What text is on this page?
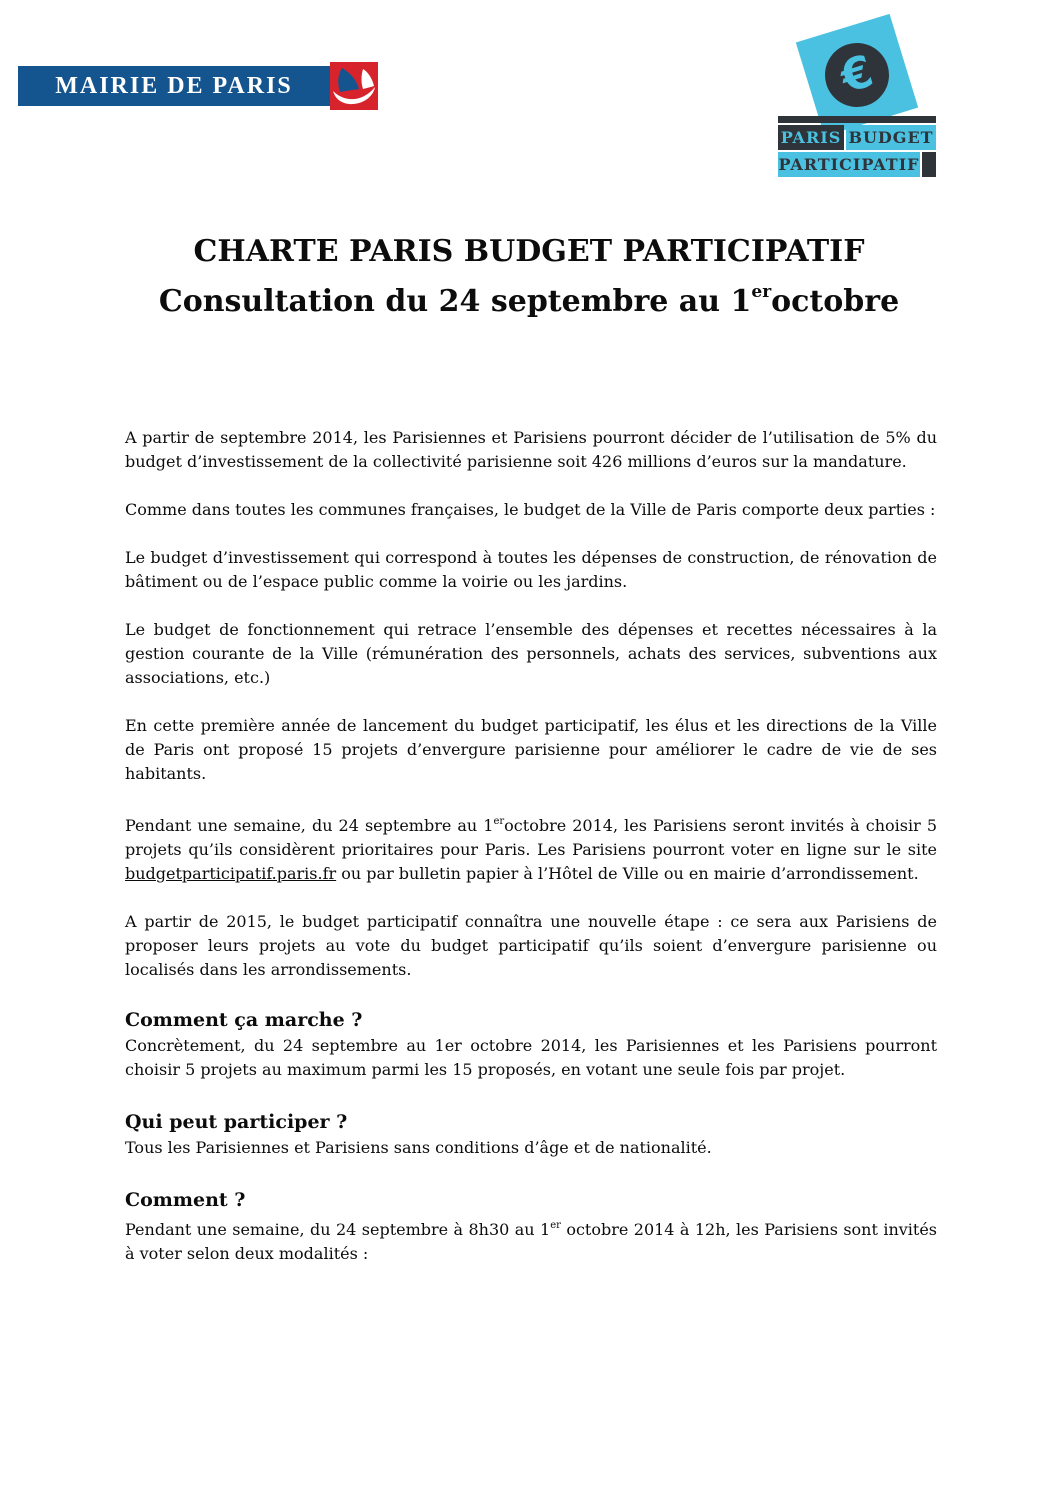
MAIRIE DE PARIS	€
PARIS BUDGET
PARTICIPATIF
CHARTE PARIS BUDGET PARTICIPATIF
Consultation du 24 septembre au 1eroctobre

A partir de septembre 2014, les Parisiennes et Parisiens pourront décider de l’utilisation de 5% du budget d’investissement de la collectivité parisienne soit 426 millions d’euros sur la mandature.

Comme dans toutes les communes françaises, le budget de la Ville de Paris comporte deux parties :

Le budget d’investissement qui correspond à toutes les dépenses de construction, de rénovation de bâtiment ou de l’espace public comme la voirie ou les jardins.

Le budget de fonctionnement qui retrace l’ensemble des dépenses et recettes nécessaires à la gestion courante de la Ville (rémunération des personnels, achats des services, subventions aux associations, etc.)

En cette première année de lancement du budget participatif, les élus et les directions de la Ville de Paris ont proposé 15 projets d’envergure parisienne pour améliorer le cadre de vie de ses habitants.

Pendant une semaine, du 24 septembre au 1eroctobre 2014, les Parisiens seront invités à choisir 5 projets qu’ils considèrent prioritaires pour Paris. Les Parisiens pourront voter en ligne sur le site budgetparticipatif.paris.fr ou par bulletin papier à l’Hôtel de Ville ou en mairie d’arrondissement.

A partir de 2015, le budget participatif connaîtra une nouvelle étape : ce sera aux Parisiens de proposer leurs projets au vote du budget participatif qu’ils soient d’envergure parisienne ou localisés dans les arrondissements.

Comment ça marche ?

Concrètement, du 24 septembre au 1er octobre 2014, les Parisiennes et les Parisiens pourront choisir 5 projets au maximum parmi les 15 proposés, en votant une seule fois par projet.

Qui peut participer ?

Tous les Parisiennes et Parisiens sans conditions d’âge et de nationalité.

Comment ?

Pendant une semaine, du 24 septembre à 8h30 au 1er octobre 2014 à 12h, les Parisiens sont invités à voter selon deux modalités :
